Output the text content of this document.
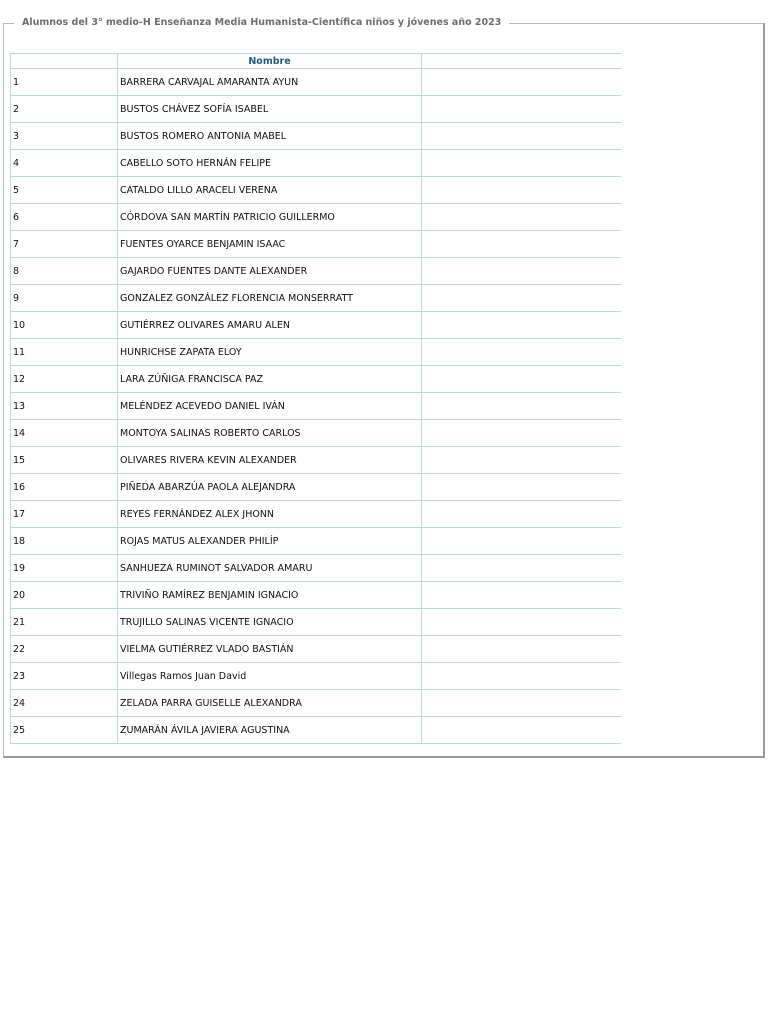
Alumnos del 3° medio-H Enseñanza Media Humanista-Científica niños y jóvenes año 2023
	Nombre	
1	BARRERA CARVAJAL AMARANTA AYUN	
2	BUSTOS CHÁVEZ SOFÍA ISABEL	
3	BUSTOS ROMERO ANTONIA MABEL	
4	CABELLO SOTO HERNÁN FELIPE	
5	CATALDO LILLO ARACELI VERENA	
6	CÓRDOVA SAN MARTÍN PATRICIO GUILLERMO	
7	FUENTES OYARCE BENJAMIN ISAAC	
8	GAJARDO FUENTES DANTE ALEXANDER	
9	GONZALEZ GONZÁLEZ FLORENCIA MONSERRATT	
10	GUTIÉRREZ OLIVARES AMARU ALEN	
11	HUNRICHSE ZAPATA ELOY	
12	LARA ZÚÑIGA FRANCISCA PAZ	
13	MELÉNDEZ ACEVEDO DANIEL IVÁN	
14	MONTOYA SALINAS ROBERTO CARLOS	
15	OLIVARES RIVERA KEVIN ALEXANDER	
16	PIÑEDA ABARZÚA PAOLA ALEJANDRA	
17	REYES FERNÁNDEZ ALEX JHONN	
18	ROJAS MATUS ALEXANDER PHILÍP	
19	SANHUEZA RUMINOT SALVADOR AMARU	
20	TRIVIÑO RAMÍREZ BENJAMIN IGNACIO	
21	TRUJILLO SALINAS VICENTE IGNACIO	
22	VIELMA GUTIÉRREZ VLADO BASTIÁN	
23	Villegas Ramos Juan David	
24	ZELADA PARRA GUISELLE ALEXANDRA	
25	ZUMARÁN ÁVILA JAVIERA AGUSTINA	
